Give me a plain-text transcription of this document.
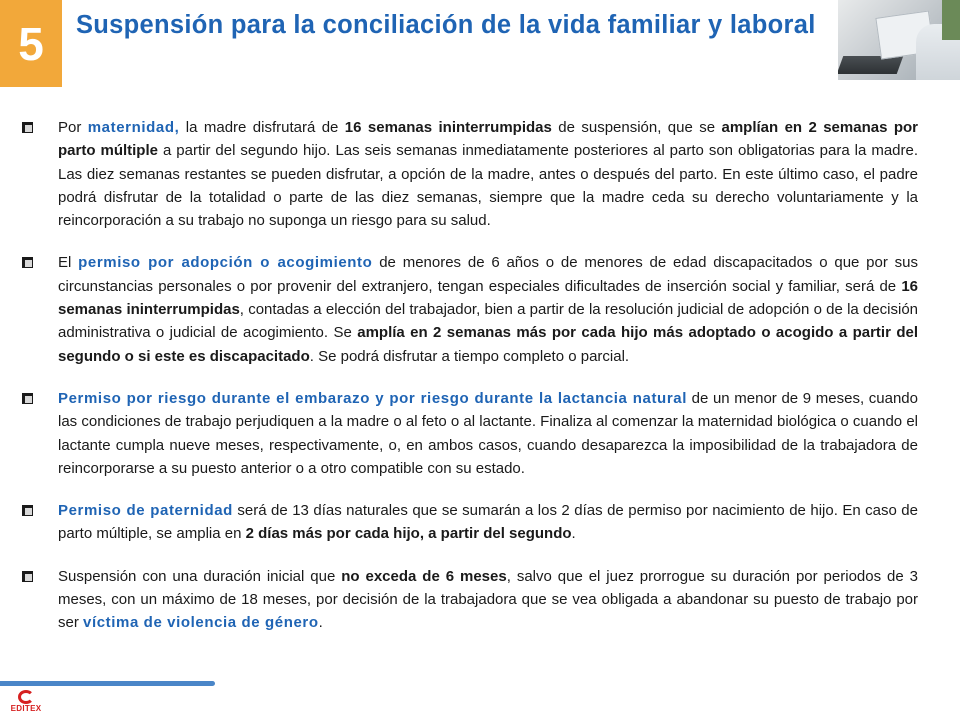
5 Suspensión para la conciliación de la vida familiar y laboral
Por maternidad, la madre disfrutará de 16 semanas ininterrumpidas de suspensión, que se amplían en 2 semanas por parto múltiple a partir del segundo hijo. Las seis semanas inmediatamente posteriores al parto son obligatorias para la madre. Las diez semanas restantes se pueden disfrutar, a opción de la madre, antes o después del parto. En este último caso, el padre podrá disfrutar de la totalidad o parte de las diez semanas, siempre que la madre ceda su derecho voluntariamente y la reincorporación a su trabajo no suponga un riesgo para su salud.
El permiso por adopción o acogimiento de menores de 6 años o de menores de edad discapacitados o que por sus circunstancias personales o por provenir del extranjero, tengan especiales dificultades de inserción social y familiar, será de 16 semanas ininterrumpidas, contadas a elección del trabajador, bien a partir de la resolución judicial de adopción o de la decisión administrativa o judicial de acogimiento. Se amplía en 2 semanas más por cada hijo más adoptado o acogido a partir del segundo o si este es discapacitado. Se podrá disfrutar a tiempo completo o parcial.
Permiso por riesgo durante el embarazo y por riesgo durante la lactancia natural de un menor de 9 meses, cuando las condiciones de trabajo perjudiquen a la madre o al feto o al lactante. Finaliza al comenzar la maternidad biológica o cuando el lactante cumpla nueve meses, respectivamente, o, en ambos casos, cuando desaparezca la imposibilidad de la trabajadora de reincorporarse a su puesto anterior o a otro compatible con su estado.
Permiso de paternidad será de 13 días naturales que se sumarán a los 2 días de permiso por nacimiento de hijo. En caso de parto múltiple, se amplia en 2 días más por cada hijo, a partir del segundo.
Suspensión con una duración inicial que no exceda de 6 meses, salvo que el juez prorrogue su duración por periodos de 3 meses, con un máximo de 18 meses, por decisión de la trabajadora que se vea obligada a abandonar su puesto de trabajo por ser víctima de violencia de género.
EDITEX
